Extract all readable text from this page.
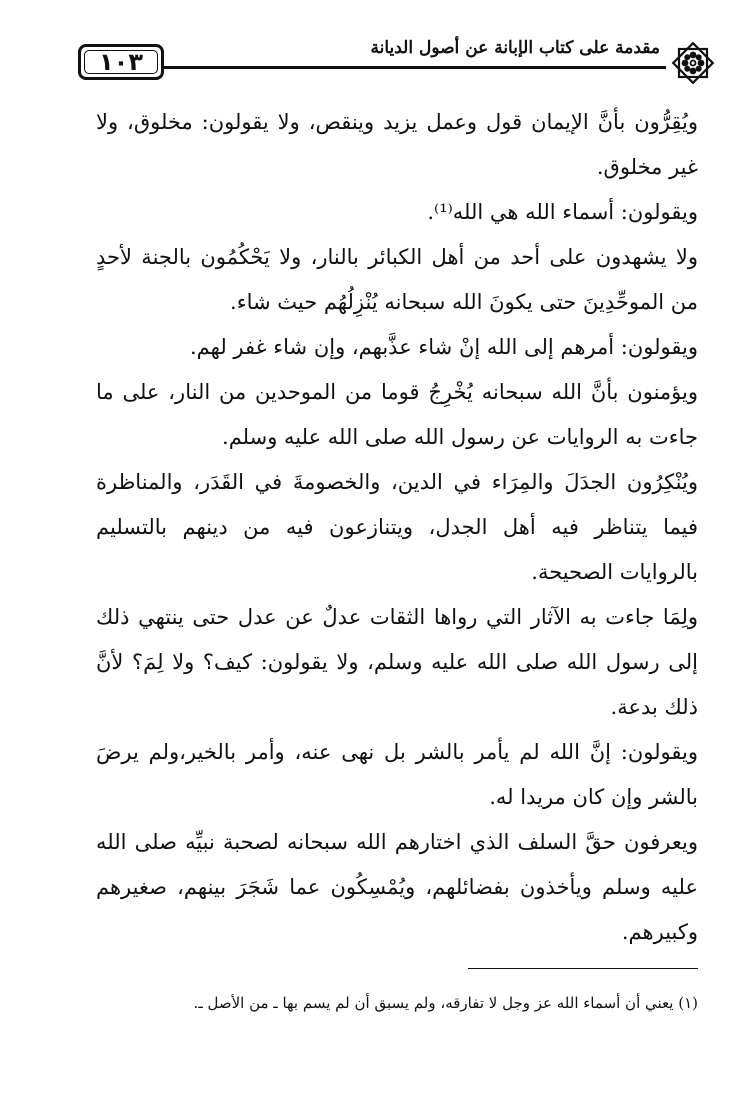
مقدمة على كتاب الإبانة عن أصول الديانة
١٠٣

ويُقِرُّون بأنَّ الإيمان قول وعمل يزيد وينقص، ولا يقولون: مخلوق، ولا غير مخلوق.

ويقولون: أسماء الله هي الله⁽¹⁾.

ولا يشهدون على أحد من أهل الكبائر بالنار، ولا يَحْكُمُون بالجنة لأحدٍ من الموحِّدِينَ حتى يكونَ الله سبحانه يُنْزِلُهُم حيث شاء.

ويقولون: أمرهم إلى الله إنْ شاء عذَّبهم، وإن شاء غفر لهم.

ويؤمنون بأنَّ الله سبحانه يُخْرِجُ قوما من الموحدين من النار، على ما جاءت به الروايات عن رسول الله صلى الله عليه وسلم.

ويُنْكِرُون الجدَلَ والمِرَاء في الدين، والخصومةَ في القَدَر، والمناظرة فيما يتناظر فيه أهل الجدل، ويتنازعون فيه من دينهم بالتسليم بالروايات الصحيحة.

ولِمَا جاءت به الآثار التي رواها الثقات عدلٌ عن عدل حتى ينتهي ذلك إلى رسول الله صلى الله عليه وسلم، ولا يقولون: كيف؟ ولا لِمَ؟ لأنَّ ذلك بدعة.

ويقولون: إنَّ الله لم يأمر بالشر بل نهى عنه، وأمر بالخير،ولم يرضَ بالشر وإن كان مريدا له.

ويعرفون حقَّ السلف الذي اختارهم الله سبحانه لصحبة نبيِّه صلى الله عليه وسلم ويأخذون بفضائلهم، ويُمْسِكُون عما شَجَرَ بينهم، صغيرهم وكبيرهم.

(١) يعني أن أسماء الله عز وجل لا تفارقه، ولم يسبق أن لم يسم بها ـ من الأصل ـ.
